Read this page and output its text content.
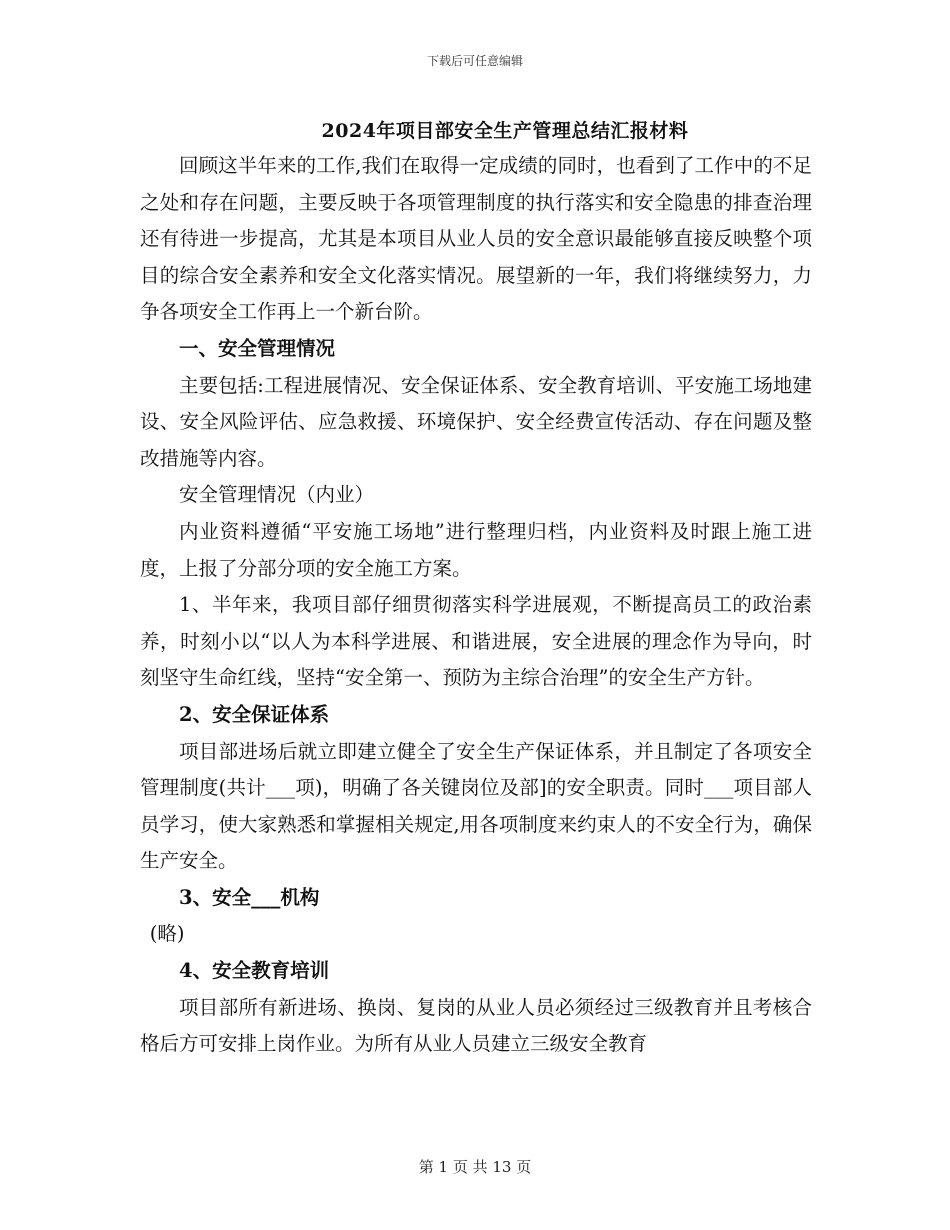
下载后可任意编辑
2024年项目部安全生产管理总结汇报材料

回顾这半年来的工作,我们在取得一定成绩的同时，也看到了工作中的不足之处和存在问题，主要反映于各项管理制度的执行落实和安全隐患的排查治理还有待进一步提高，尤其是本项目从业人员的安全意识最能够直接反映整个项目的综合安全素养和安全文化落实情况。展望新的一年，我们将继续努力，力争各项安全工作再上一个新台阶。

一、安全管理情况

主要包括:工程进展情况、安全保证体系、安全教育培训、平安施工场地建设、安全风险评估、应急救援、环境保护、安全经费宣传活动、存在问题及整改措施等内容。

安全管理情况（内业）

内业资料遵循“平安施工场地”进行整理归档，内业资料及时跟上施工进度，上报了分部分项的安全施工方案。

1、半年来，我项目部仔细贯彻落实科学进展观，不断提高员工的政治素养，时刻小以“以人为本科学进展、和谐进展，安全进展的理念作为导向，时刻坚守生命红线，坚持“安全第一、预防为主综合治理”的安全生产方针。

2、安全保证体系

项目部进场后就立即建立健全了安全生产保证体系，并且制定了各项安全管理制度(共计___项)，明确了各关键岗位及部]的安全职责。同时___项目部人员学习，使大家熟悉和掌握相关规定,用各项制度来约束人的不安全行为，确保生产安全。

3、安全___机构

(略)

4、安全教育培训

项目部所有新进场、换岗、复岗的从业人员必须经过三级教育并且考核合格后方可安排上岗作业。为所有从业人员建立三级安全教育

第 1 页 共 13 页
